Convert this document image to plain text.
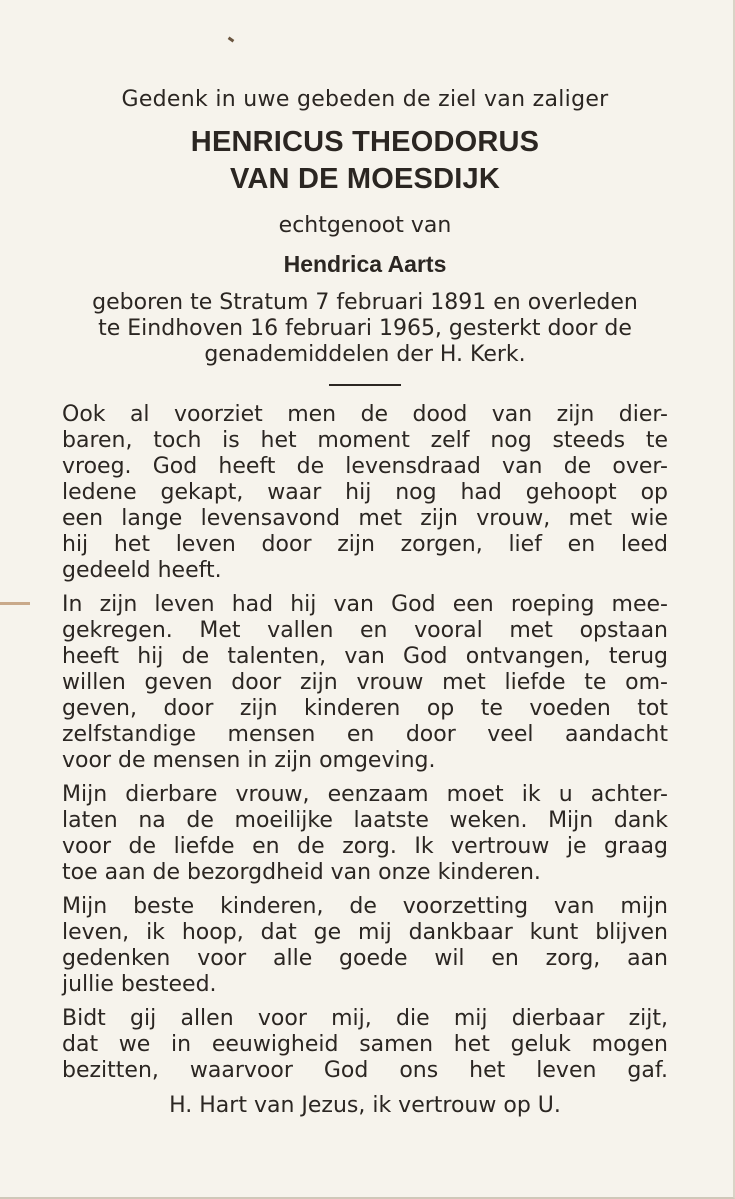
Gedenk in uwe gebeden de ziel van zaliger

HENRICUS THEODORUS

VAN DE MOESDIJK

echtgenoot van

Hendrica Aarts

geboren te Stratum 7 februari 1891 en overleden

te Eindhoven 16 februari 1965, gesterkt door de

genademiddelen der H. Kerk.

Ook al voorziet men de dood van zijn dier-
baren, toch is het moment zelf nog steeds te
vroeg. God heeft de levensdraad van de over-
ledene gekapt, waar hij nog had gehoopt op
een lange levensavond met zijn vrouw, met wie
hij het leven door zijn zorgen, lief en leed
gedeeld heeft.

In zijn leven had hij van God een roeping mee-
gekregen. Met vallen en vooral met opstaan
heeft hij de talenten, van God ontvangen, terug
willen geven door zijn vrouw met liefde te om-
geven, door zijn kinderen op te voeden tot
zelfstandige mensen en door veel aandacht
voor de mensen in zijn omgeving.

Mijn dierbare vrouw, eenzaam moet ik u achter-
laten na de moeilijke laatste weken. Mijn dank
voor de liefde en de zorg. Ik vertrouw je graag
toe aan de bezorgdheid van onze kinderen.

Mijn beste kinderen, de voorzetting van mijn
leven, ik hoop, dat ge mij dankbaar kunt blijven
gedenken voor alle goede wil en zorg, aan
jullie besteed.

Bidt gij allen voor mij, die mij dierbaar zijt,
dat we in eeuwigheid samen het geluk mogen
bezitten, waarvoor God ons het leven gaf.

H. Hart van Jezus, ik vertrouw op U.
